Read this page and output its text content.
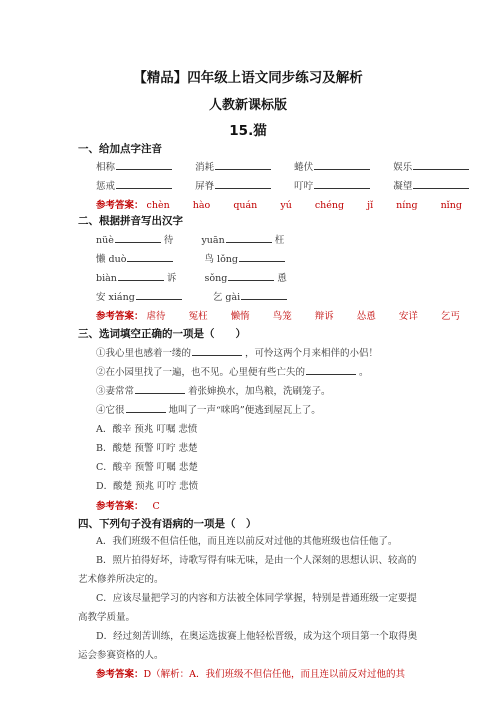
【精品】四年级上语文同步练习及解析
人教新课标版
15.猫
一、给加点字注音
相称	消耗	蜷伏	娱乐
惩戒	屏脊	叮咛	凝望
参考答案： chèn hào quán yú chéng jǐ níng nǐng
二、根据拼音写出汉字
nüè	待	yuān	枉
懒 duò	鸟 lǒng
biàn	诉	sǒng	恿
安 xiáng	乞 gài
参考答案： 虐待 冤枉 懒惰 鸟笼 辩诉 怂恿 安详 乞丐
三、选词填空正确的一项是（　　）
①我心里也感着一缕的	，可怜这两个月来相伴的小侣！
②在小园里找了一遍，也不见。心里便有些亡失的	。
③妻常常	着张婶换水，加鸟粮，洗刷笼子。
④它很	地叫了一声“咪呜”便逃到屋瓦上了。
A．酸辛 预兆 叮嘱 悲愤
B．酸楚 预警 叮咛 悲楚
C．酸辛 预警 叮嘱 悲楚
D．酸楚 预兆 叮咛 悲愤
参考答案： C
四、下列句子没有语病的一项是（　）
A．我们班级不但信任他，而且连以前反对过他的其他班级也信任他了。
B．照片拍得好坏，诗歌写得有味无味，是由一个人深刻的思想认识、较高的艺术修养所决定的。
C．应该尽量把学习的内容和方法被全体同学掌握，特别是普通班级一定要提高教学质量。
D．经过刻苦训练，在奥运选拔赛上他轻松晋级，成为这个项目第一个取得奥运会参赛资格的人。
参考答案：D（解析：A．我们班级不但信任他，而且连以前反对过他的其
